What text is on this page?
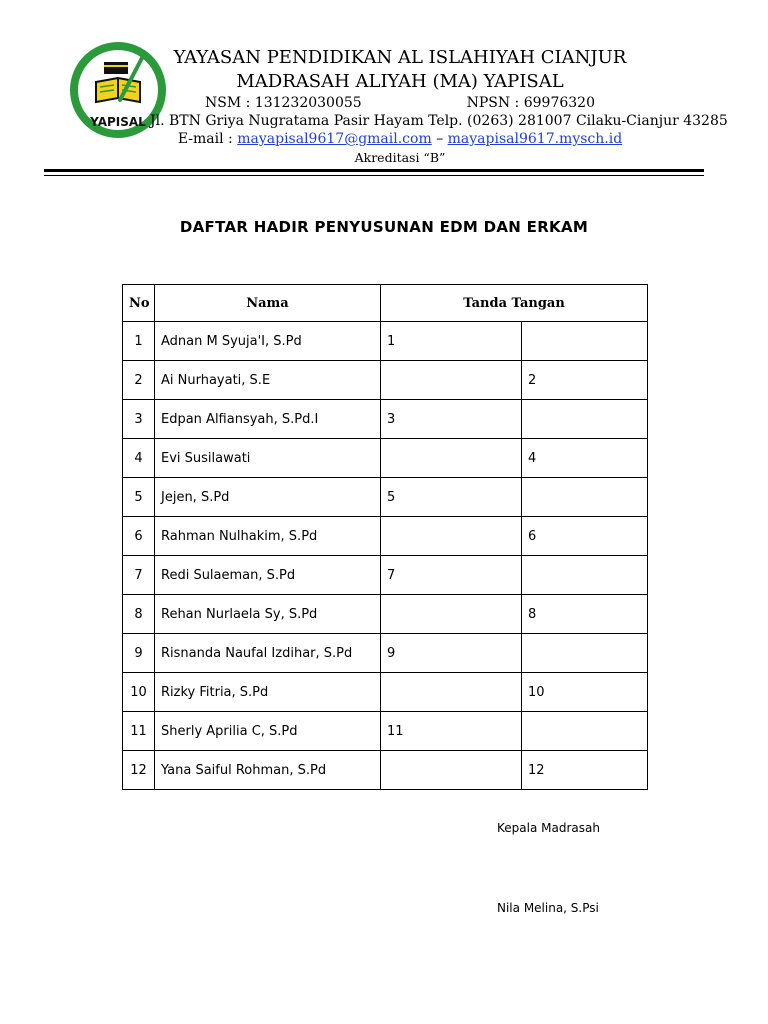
YAPISAL
YAYASAN PENDIDIKAN AL ISLAHIYAH CIANJUR
MADRASAH ALIYAH (MA) YAPISAL
NSM : 131232030055	NPSN : 69976320
Jl. BTN Griya Nugratama Pasir Hayam Telp. (0263) 281007 Cilaku-Cianjur 43285
E-mail : mayapisal9617@gmail.com – mayapisal9617.mysch.id
Akreditasi “B”
DAFTAR HADIR PENYUSUNAN EDM DAN ERKAM
No	Nama	Tanda Tangan	
1	Adnan M Syuja'I, S.Pd	1	
2	Ai Nurhayati, S.E		2
3	Edpan Alfiansyah, S.Pd.I	3	
4	Evi Susilawati		4
5	Jejen, S.Pd	5	
6	Rahman Nulhakim, S.Pd		6
7	Redi Sulaeman, S.Pd	7	
8	Rehan Nurlaela Sy, S.Pd		8
9	Risnanda Naufal Izdihar, S.Pd	9	
10	Rizky Fitria, S.Pd		10
11	Sherly Aprilia C, S.Pd	11	
12	Yana Saiful Rohman, S.Pd		12
Kepala Madrasah
Nila Melina, S.Psi
